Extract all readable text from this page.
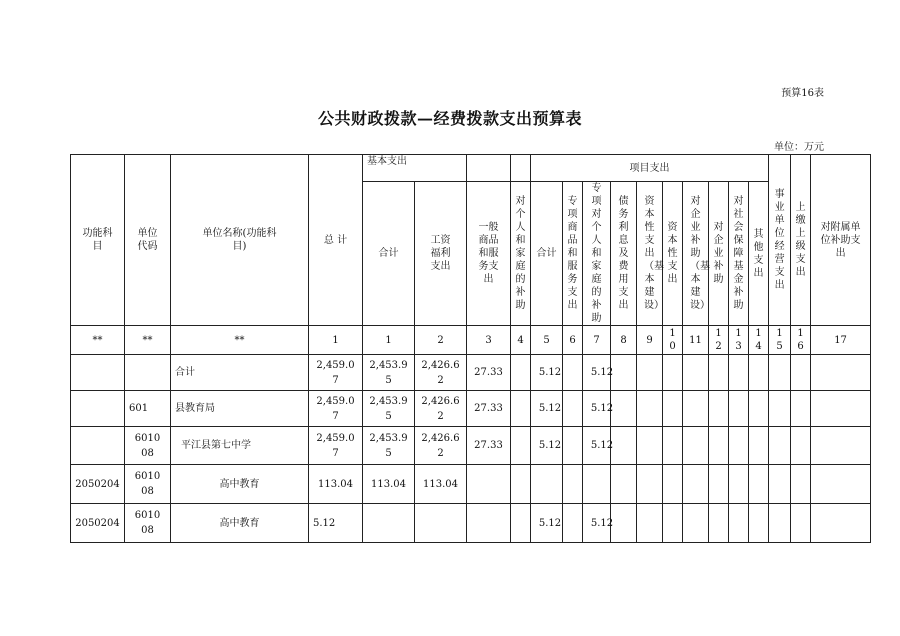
预算16表
公共财政拨款—经费拨款支出预算表
单位：万元
功能科目	单位代码	单位名称(功能科目)	总 计	基本支出				项目支出										事业单位经营支出	上缴上级支出	对附属单位补助支出

				合计	工资福利支出	一般商品和服务支出	对个人和家庭的补助	合计	专项商品和服务支出	专项对个人和家庭的补助	债务利息及费用支出	资本性支出（基本建设）	资本性支出	对企业补助（基本建设）	对企业补助	对社会保障基金补助	其他支出			

**	**	**	1	1	2	3	4	5	6	7	8	9	10	11	12	13	14	15	16	17
		合计	2,459.07	2,453.95	2,426.62	27.33		5.12		5.12										

	601	县教育局	2,459.07	2,453.95	2,426.62	27.33		5.12		5.12										

	601008	平江县第七中学	2,459.07	2,453.95	2,426.62	27.33		5.12		5.12										

2050204	601008	高中教育	113.04	113.04	113.04	

2050204	601008	高中教育	5.12					5.12		5.12										
